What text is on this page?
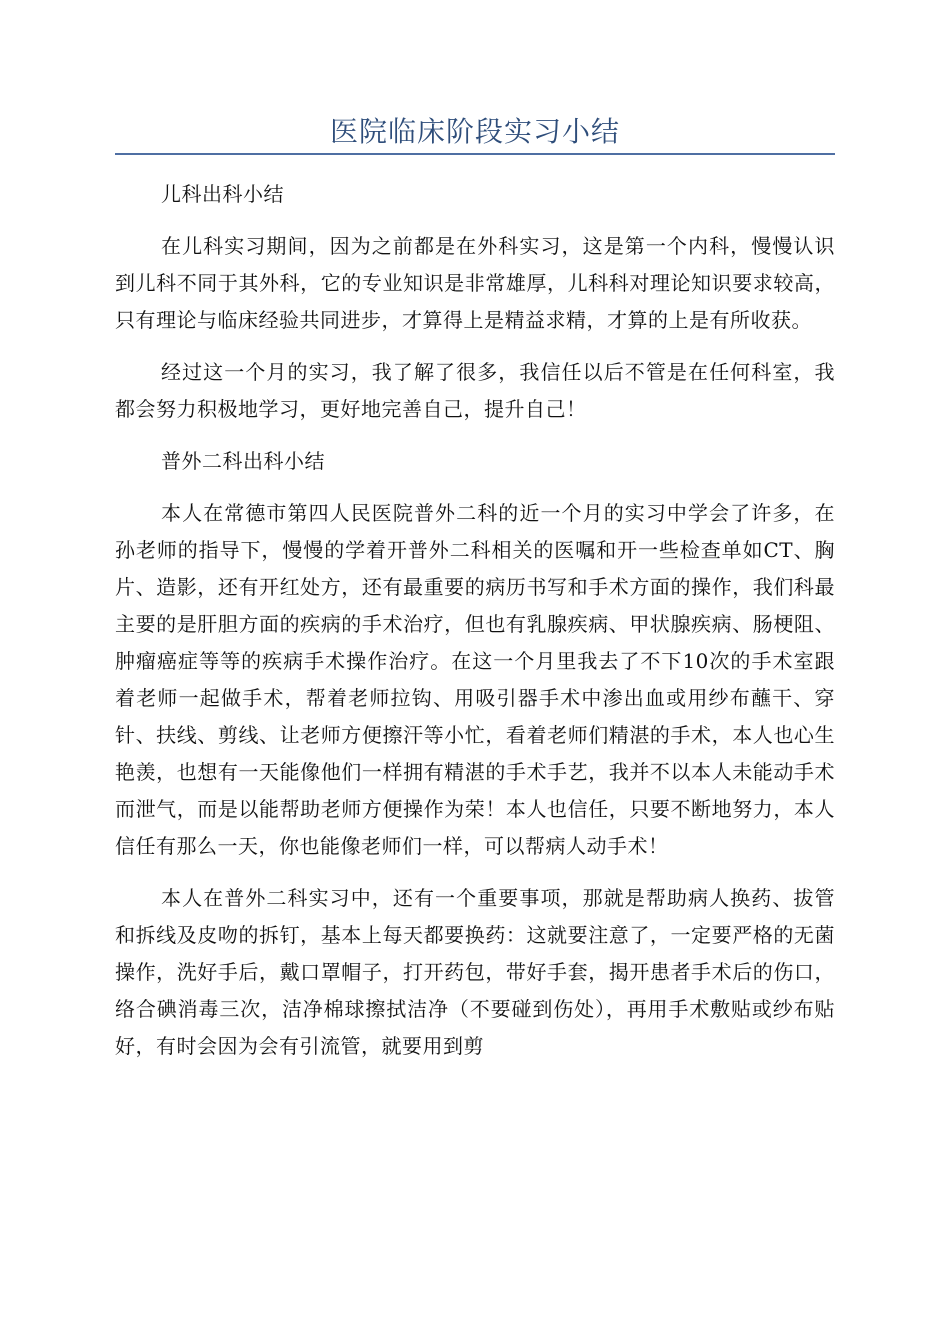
医院临床阶段实习小结

儿科出科小结

在儿科实习期间，因为之前都是在外科实习，这是第一个内科，慢慢认识到儿科不同于其外科，它的专业知识是非常雄厚，儿科科对理论知识要求较高，只有理论与临床经验共同进步，才算得上是精益求精，才算的上是有所收获。

经过这一个月的实习，我了解了很多，我信任以后不管是在任何科室，我都会努力积极地学习，更好地完善自己，提升自己！

普外二科出科小结

本人在常德市第四人民医院普外二科的近一个月的实习中学会了许多，在孙老师的指导下，慢慢的学着开普外二科相关的医嘱和开一些检查单如CT、胸片、造影，还有开红处方，还有最重要的病历书写和手术方面的操作，我们科最主要的是肝胆方面的疾病的手术治疗，但也有乳腺疾病、甲状腺疾病、肠梗阻、肿瘤癌症等等的疾病手术操作治疗。在这一个月里我去了不下10次的手术室跟着老师一起做手术，帮着老师拉钩、用吸引器手术中渗出血或用纱布蘸干、穿针、扶线、剪线、让老师方便擦汗等小忙，看着老师们精湛的手术，本人也心生艳羡，也想有一天能像他们一样拥有精湛的手术手艺，我并不以本人未能动手术而泄气，而是以能帮助老师方便操作为荣！本人也信任，只要不断地努力，本人信任有那么一天，你也能像老师们一样，可以帮病人动手术！

本人在普外二科实习中，还有一个重要事项，那就是帮助病人换药、拔管和拆线及皮吻的拆钉，基本上每天都要换药：这就要注意了，一定要严格的无菌操作，洗好手后，戴口罩帽子，打开药包，带好手套，揭开患者手术后的伤口，络合碘消毒三次，洁净棉球擦拭洁净（不要碰到伤处），再用手术敷贴或纱布贴好，有时会因为会有引流管，就要用到剪
